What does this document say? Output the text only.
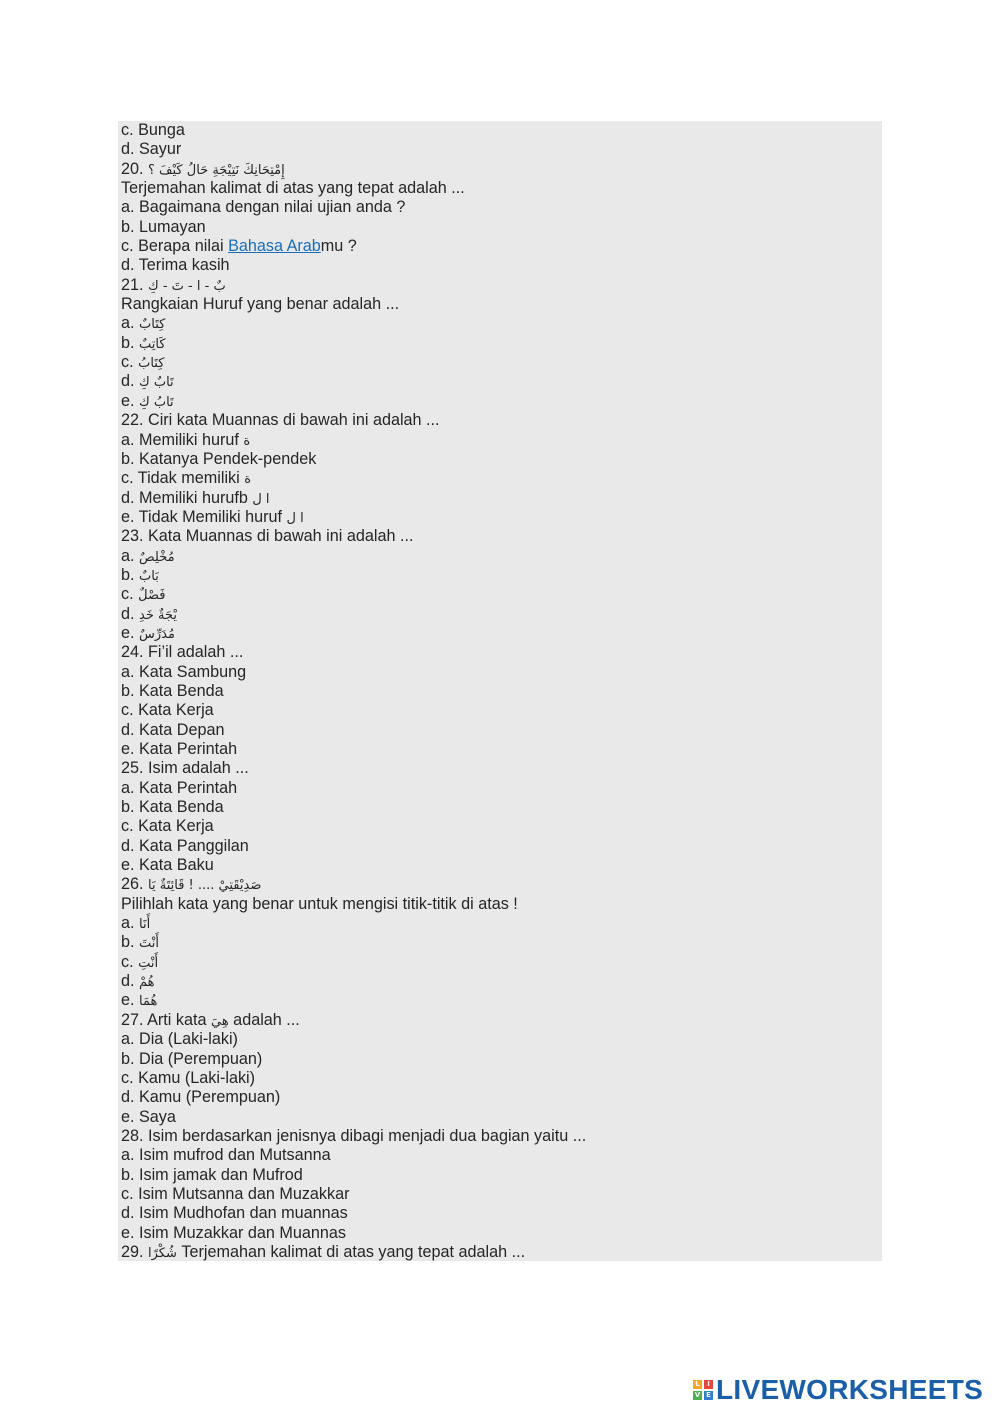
c. Bunga
d. Sayur
20. إِمْتِحَانِكَ نَتِيْجَةِ حَالُ كَيْفَ ؟
Terjemahan kalimat di atas yang tepat adalah ...
a. Bagaimana dengan nilai ujian anda ?
b. Lumayan
c. Berapa nilai Bahasa Arabmu ?
d. Terima kasih
21. بٌ - ا - تَ - كِ
Rangkaian Huruf yang benar adalah ...
a. كِتَابٌ
b. كَاتِبٌ
c. كِتَابُ
d. تَابٌ كِ
e. تَابُ كِ
22. Ciri kata Muannas di bawah ini adalah ...
a. Memiliki huruf ة
b. Katanya Pendek-pendek
c. Tidak memiliki ة
d. Memiliki hurufb ا ل
e. Tidak Memiliki huruf ا ل
23. Kata Muannas di bawah ini adalah ...
a. مُخْلِصٌ
b. بَابٌ
c. فَصْلٌ
d. يْجَةٌ خَدِ
e. مُدَرِّسٌ
24. Fi’il adalah ...
a. Kata Sambung
b. Kata Benda
c. Kata Kerja
d. Kata Depan
e. Kata Perintah
25. Isim adalah ...
a. Kata Perintah
b. Kata Benda
c. Kata Kerja
d. Kata Panggilan
e. Kata Baku
26. صَدِيْقَتِيْ .... ! قَائِتَةٌ يَا
Pilihlah kata yang benar untuk mengisi titik-titik di atas !
a. أَنَا
b. أَنْتَ
c. أَنْتِ
d. هُمْ
e. هُمَا
27. Arti kata هِيَ adalah ...
a. Dia (Laki-laki)
b. Dia (Perempuan)
c. Kamu (Laki-laki)
d. Kamu (Perempuan)
e. Saya
28. Isim berdasarkan jenisnya dibagi menjadi dua bagian yaitu ...
a. Isim mufrod dan Mutsanna
b. Isim jamak dan Mufrod
c. Isim Mutsanna dan Muzakkar
d. Isim Mudhofan dan muannas
e. Isim Muzakkar dan Muannas
29. شُكْرًا Terjemahan kalimat di atas yang tepat adalah ...
L	I
V E LIVEWORKSHEETS
